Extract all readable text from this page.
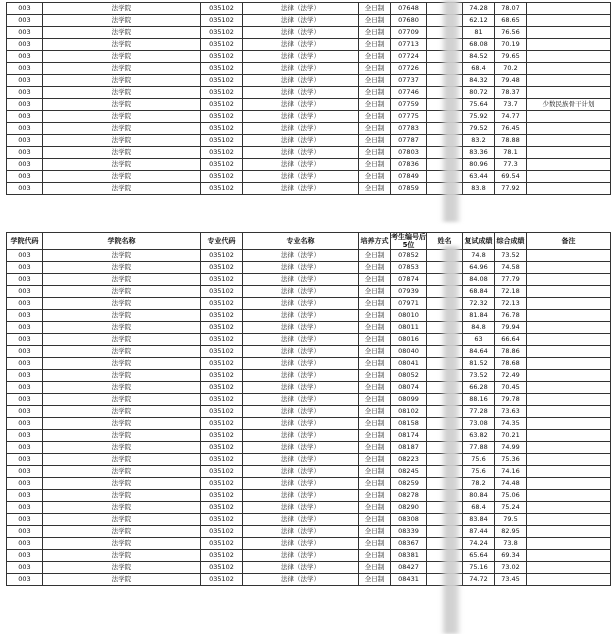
003	法学院	035102	法律（法学）	全日制	07648		74.28	78.07	
003	法学院	035102	法律（法学）	全日制	07680		62.12	68.65	
003	法学院	035102	法律（法学）	全日制	07709		81	76.56	
003	法学院	035102	法律（法学）	全日制	07713		68.08	70.19	
003	法学院	035102	法律（法学）	全日制	07724		84.52	79.65	
003	法学院	035102	法律（法学）	全日制	07726		68.4	70.2	
003	法学院	035102	法律（法学）	全日制	07737		84.32	79.48	
003	法学院	035102	法律（法学）	全日制	07746		80.72	78.37	
003	法学院	035102	法律（法学）	全日制	07759		75.64	73.7	少数民族骨干计划
003	法学院	035102	法律（法学）	全日制	07775		75.92	74.77	
003	法学院	035102	法律（法学）	全日制	07783		79.52	76.45	
003	法学院	035102	法律（法学）	全日制	07787		83.2	78.88	
003	法学院	035102	法律（法学）	全日制	07803		83.36	78.1	
003	法学院	035102	法律（法学）	全日制	07836		80.96	77.3	
003	法学院	035102	法律（法学）	全日制	07849		63.44	69.54	
003	法学院	035102	法律（法学）	全日制	07859		83.8	77.92	
学院代码	学院名称	专业代码	专业名称	培养方式	考生编号后5位	姓名	复试成绩	综合成绩	备注
003	法学院	035102	法律（法学）	全日制	07852		74.8	73.52	
003	法学院	035102	法律（法学）	全日制	07853		64.96	74.58	
003	法学院	035102	法律（法学）	全日制	07874		84.08	77.79	
003	法学院	035102	法律（法学）	全日制	07939		68.84	72.18	
003	法学院	035102	法律（法学）	全日制	07971		72.32	72.13	
003	法学院	035102	法律（法学）	全日制	08010		81.84	76.78	
003	法学院	035102	法律（法学）	全日制	08011		84.8	79.94	
003	法学院	035102	法律（法学）	全日制	08016		63	66.64	
003	法学院	035102	法律（法学）	全日制	08040		84.64	78.86	
003	法学院	035102	法律（法学）	全日制	08041		81.52	78.68	
003	法学院	035102	法律（法学）	全日制	08052		73.52	72.49	
003	法学院	035102	法律（法学）	全日制	08074		66.28	70.45	
003	法学院	035102	法律（法学）	全日制	08099		88.16	79.78	
003	法学院	035102	法律（法学）	全日制	08102		77.28	73.63	
003	法学院	035102	法律（法学）	全日制	08158		73.08	74.35	
003	法学院	035102	法律（法学）	全日制	08174		63.82	70.21	
003	法学院	035102	法律（法学）	全日制	08187		77.88	74.99	
003	法学院	035102	法律（法学）	全日制	08223		75.6	75.36	
003	法学院	035102	法律（法学）	全日制	08245		75.6	74.16	
003	法学院	035102	法律（法学）	全日制	08259		78.2	74.48	
003	法学院	035102	法律（法学）	全日制	08278		80.84	75.06	
003	法学院	035102	法律（法学）	全日制	08290		68.4	75.24	
003	法学院	035102	法律（法学）	全日制	08308		83.84	79.5	
003	法学院	035102	法律（法学）	全日制	08339		87.44	82.95	
003	法学院	035102	法律（法学）	全日制	08367		74.24	73.8	
003	法学院	035102	法律（法学）	全日制	08381		65.64	69.34	
003	法学院	035102	法律（法学）	全日制	08427		75.16	73.02	
003	法学院	035102	法律（法学）	全日制	08431		74.72	73.45	
